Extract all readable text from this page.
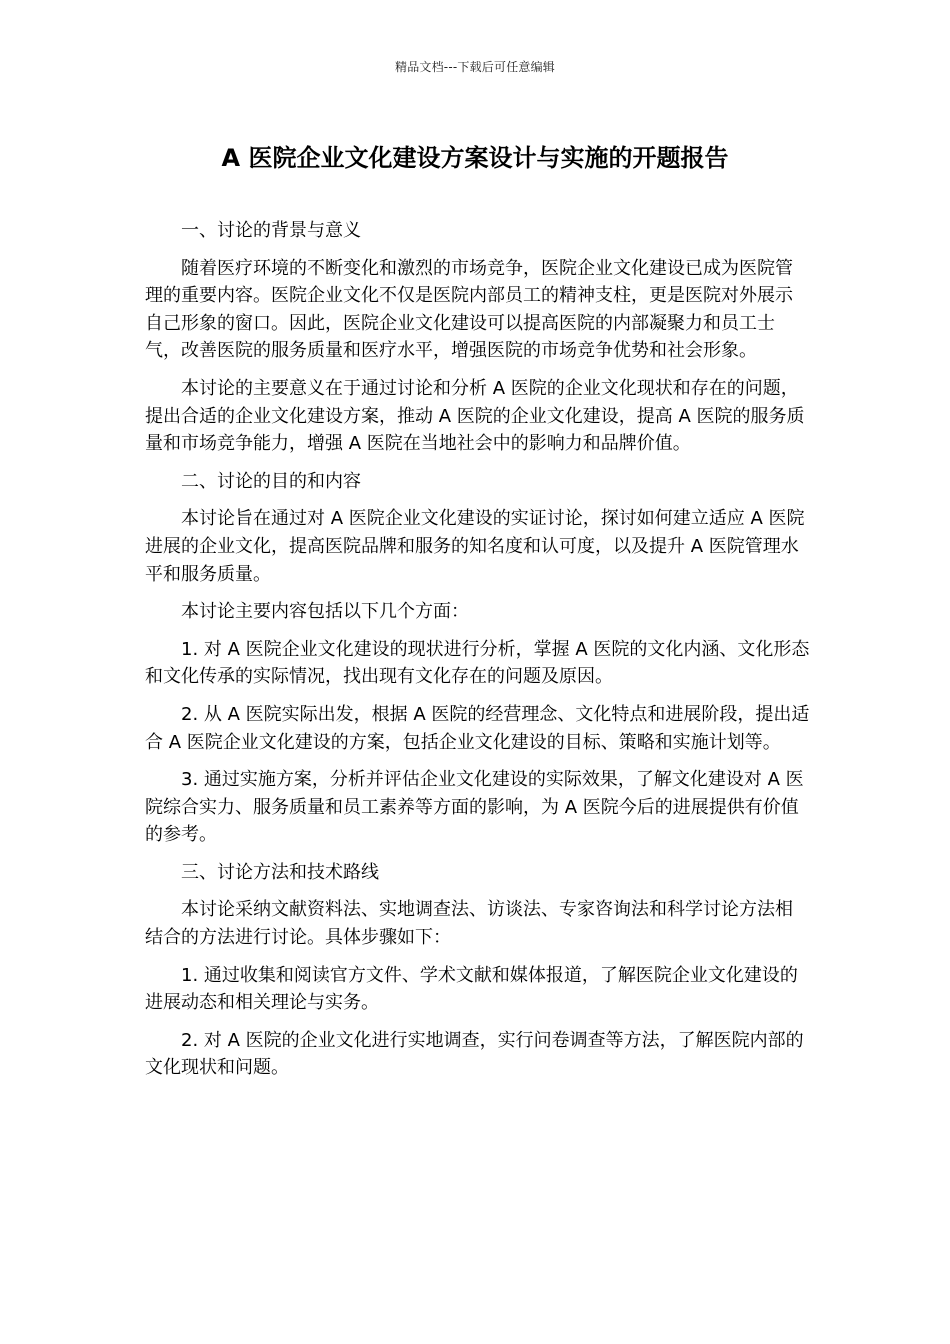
精品文档---下载后可任意编辑
A 医院企业文化建设方案设计与实施的开题报告

一、讨论的背景与意义

随着医疗环境的不断变化和激烈的市场竞争，医院企业文化建设已成为医院管理的重要内容。医院企业文化不仅是医院内部员工的精神支柱，更是医院对外展示自己形象的窗口。因此，医院企业文化建设可以提高医院的内部凝聚力和员工士气，改善医院的服务质量和医疗水平，增强医院的市场竞争优势和社会形象。

本讨论的主要意义在于通过讨论和分析 A 医院的企业文化现状和存在的问题，提出合适的企业文化建设方案，推动 A 医院的企业文化建设，提高 A 医院的服务质量和市场竞争能力，增强 A 医院在当地社会中的影响力和品牌价值。

二、讨论的目的和内容

本讨论旨在通过对 A 医院企业文化建设的实证讨论，探讨如何建立适应 A 医院进展的企业文化，提高医院品牌和服务的知名度和认可度，以及提升 A 医院管理水平和服务质量。

本讨论主要内容包括以下几个方面：

1. 对 A 医院企业文化建设的现状进行分析，掌握 A 医院的文化内涵、文化形态和文化传承的实际情况，找出现有文化存在的问题及原因。

2. 从 A 医院实际出发，根据 A 医院的经营理念、文化特点和进展阶段，提出适合 A 医院企业文化建设的方案，包括企业文化建设的目标、策略和实施计划等。

3. 通过实施方案，分析并评估企业文化建设的实际效果，了解文化建设对 A 医院综合实力、服务质量和员工素养等方面的影响，为 A 医院今后的进展提供有价值的参考。

三、讨论方法和技术路线

本讨论采纳文献资料法、实地调查法、访谈法、专家咨询法和科学讨论方法相结合的方法进行讨论。具体步骤如下：

1. 通过收集和阅读官方文件、学术文献和媒体报道，了解医院企业文化建设的进展动态和相关理论与实务。

2. 对 A 医院的企业文化进行实地调查，实行问卷调查等方法，了解医院内部的文化现状和问题。
